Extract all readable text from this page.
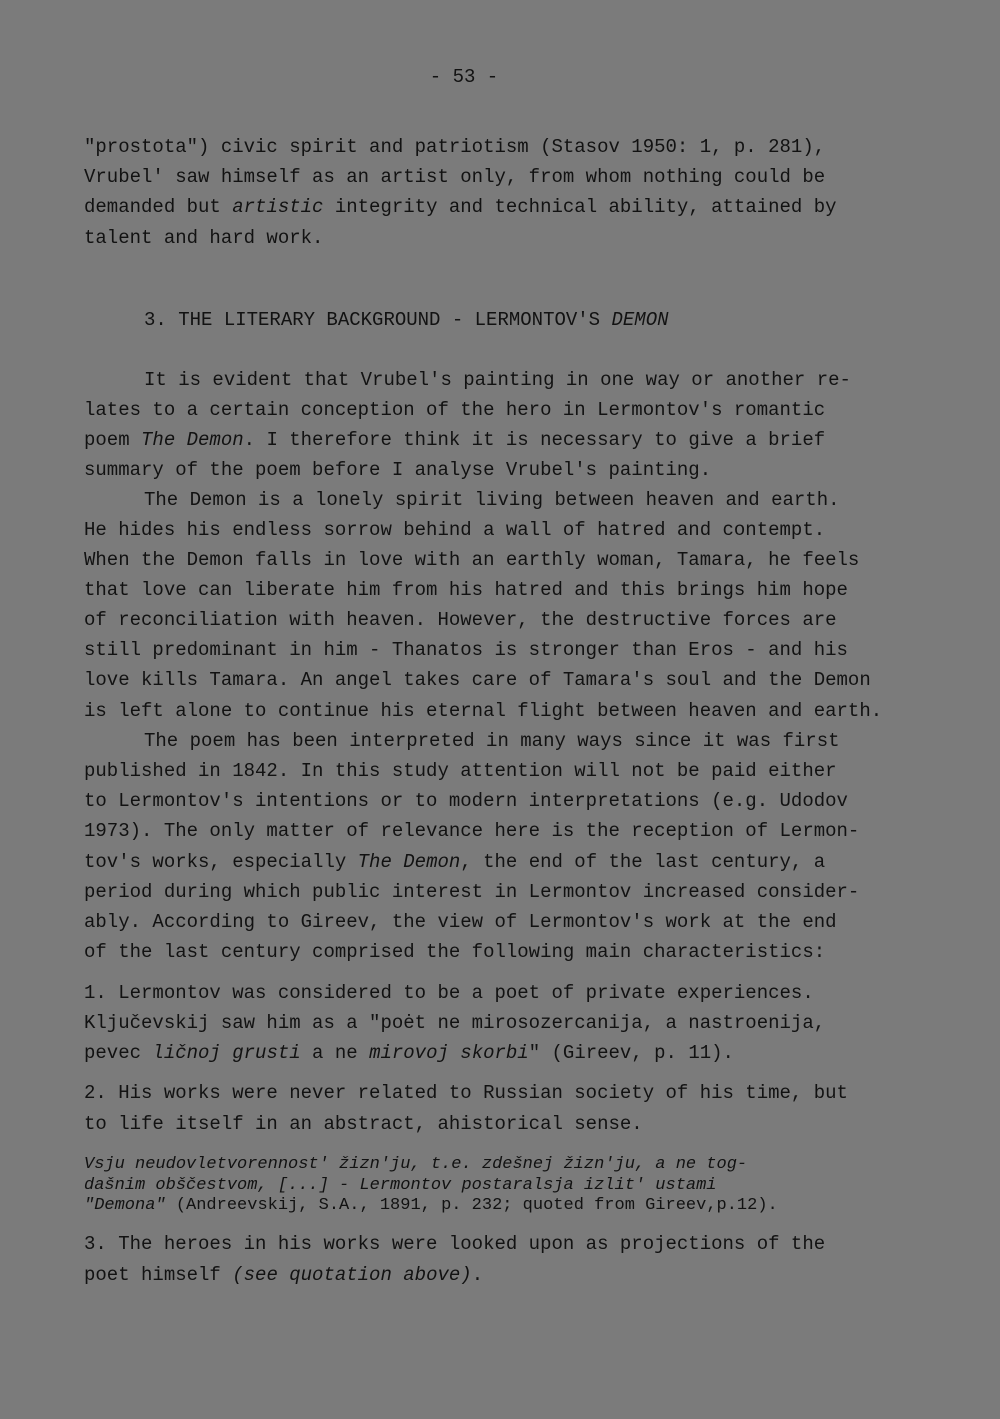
- 53 -
"prostota") civic spirit and patriotism (Stasov 1950: 1, p. 281),
Vrubel' saw himself as an artist only, from whom nothing could be
demanded but artistic integrity and technical ability, attained by
talent and hard work.
3. THE LITERARY BACKGROUND - LERMONTOV'S DEMON
It is evident that Vrubel's painting in one way or another re-
lates to a certain conception of the hero in Lermontov's romantic
poem The Demon. I therefore think it is necessary to give a brief
summary of the poem before I analyse Vrubel's painting.
The Demon is a lonely spirit living between heaven and earth.
He hides his endless sorrow behind a wall of hatred and contempt.
When the Demon falls in love with an earthly woman, Tamara, he feels
that love can liberate him from his hatred and this brings him hope
of reconciliation with heaven. However, the destructive forces are
still predominant in him - Thanatos is stronger than Eros - and his
love kills Tamara. An angel takes care of Tamara's soul and the Demon
is left alone to continue his eternal flight between heaven and earth.
The poem has been interpreted in many ways since it was first
published in 1842. In this study attention will not be paid either
to Lermontov's intentions or to modern interpretations (e.g. Udodov
1973). The only matter of relevance here is the reception of Lermon-
tov's works, especially The Demon, the end of the last century, a
period during which public interest in Lermontov increased consider-
ably. According to Gireev, the view of Lermontov's work at the end
of the last century comprised the following main characteristics:
1. Lermontov was considered to be a poet of private experiences.
Ključevskij saw him as a "poėt ne mirosozercanija, a nastroenija,
pevec ličnoj grusti a ne mirovoj skorbi" (Gireev, p. 11).
2. His works were never related to Russian society of his time, but
to life itself in an abstract, ahistorical sense.
Vsju neudovletvorennost' žizn'ju, t.e. zdešnej žizn'ju, a ne tog-
dašnim obščestvom, [...] - Lermontov postaralsja izlit' ustami
"Demona" (Andreevskij, S.A., 1891, p. 232; quoted from Gireev,p.12).
3. The heroes in his works were looked upon as projections of the
poet himself (see quotation above).
